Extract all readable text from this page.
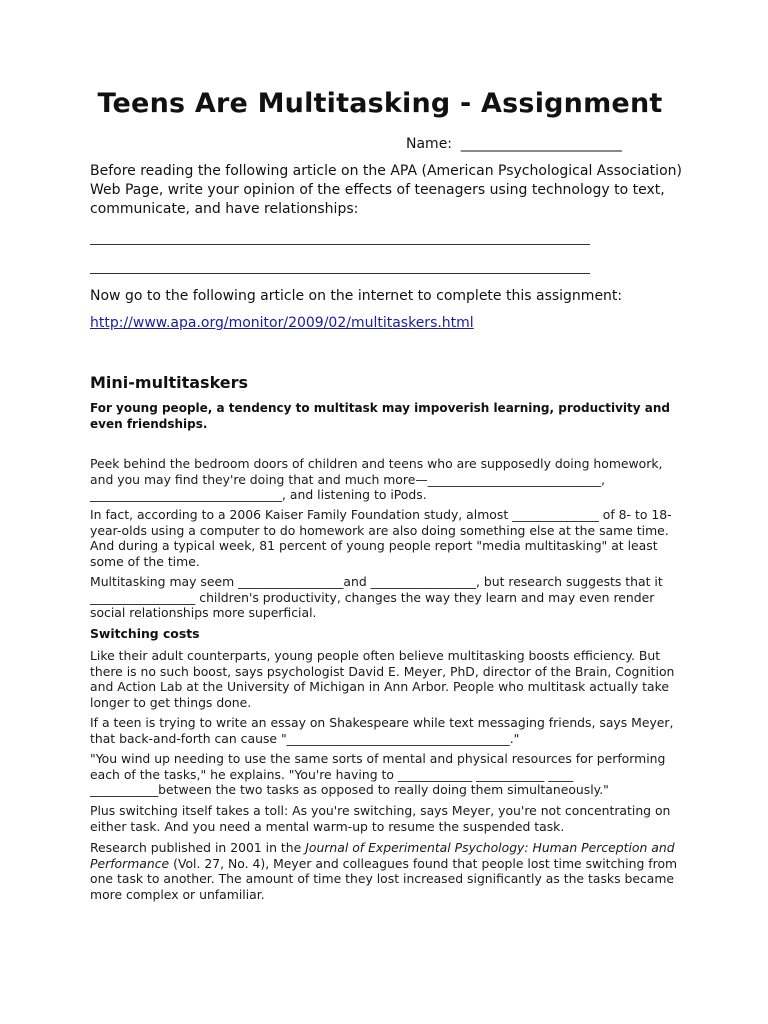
Teens Are Multitasking - Assignment
Name:  _______________________
Before reading the following article on the APA (American Psychological Association) Web Page, write your opinion of the effects of teenagers using technology to text, communicate, and have relationships:
Now go to the following article on the internet to complete this assignment:
http://www.apa.org/monitor/2009/02/multitaskers.html
Mini-multitaskers
For young people, a tendency to multitask may impoverish learning, productivity and even friendships.
Peek behind the bedroom doors of children and teens who are supposedly doing homework, and you may find they're doing that and much more—____________________________, _______________________________, and listening to iPods.
In fact, according to a 2006 Kaiser Family Foundation study, almost ______________ of 8- to 18-year-olds using a computer to do homework are also doing something else at the same time. And during a typical week, 81 percent of young people report "media multitasking" at least some of the time.
Multitasking may seem _________________and _________________, but research suggests that it _________________ children's productivity, changes the way they learn and may even render social relationships more superficial.
Switching costs
Like their adult counterparts, young people often believe multitasking boosts efficiency. But there is no such boost, says psychologist David E. Meyer, PhD, director of the Brain, Cognition and Action Lab at the University of Michigan in Ann Arbor. People who multitask actually take longer to get things done.
If a teen is trying to write an essay on Shakespeare while text messaging friends, says Meyer, that back-and-forth can cause "____________________________________."
"You wind up needing to use the same sorts of mental and physical resources for performing each of the tasks," he explains. "You're having to ____________ ___________ ____ ___________between the two tasks as opposed to really doing them simultaneously."
Plus switching itself takes a toll: As you're switching, says Meyer, you're not concentrating on either task. And you need a mental warm-up to resume the suspended task.
Research published in 2001 in the Journal of Experimental Psychology: Human Perception and Performance (Vol. 27, No. 4), Meyer and colleagues found that people lost time switching from one task to another. The amount of time they lost increased significantly as the tasks became more complex or unfamiliar.
